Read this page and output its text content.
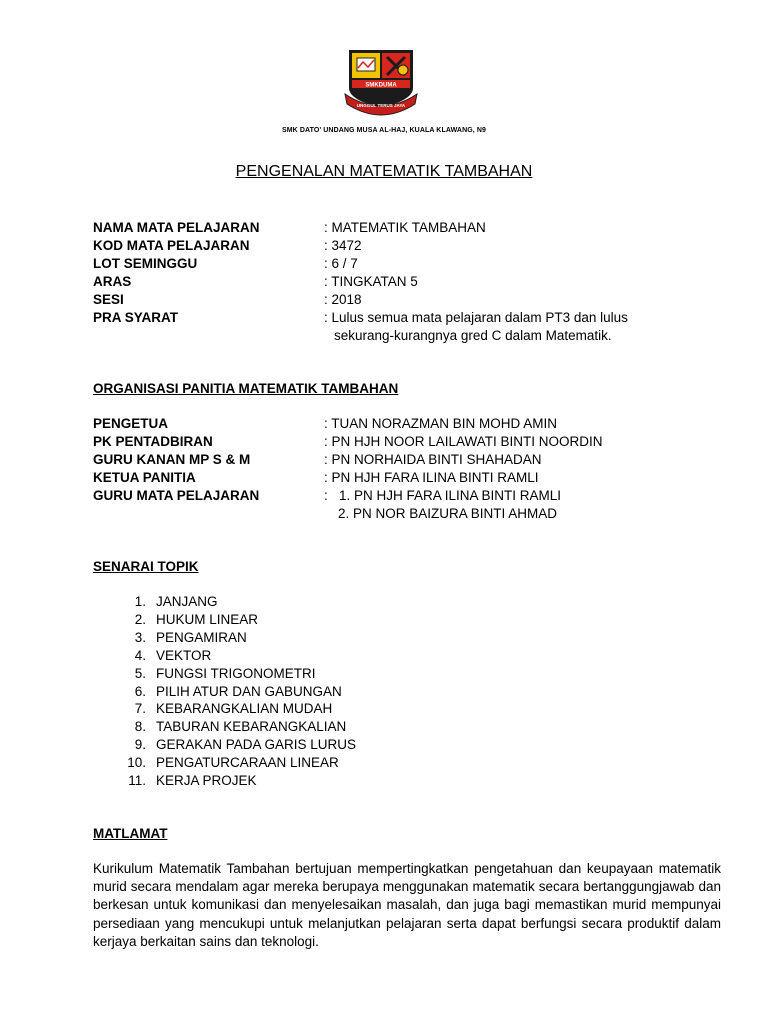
SMKDUMA
UNGGUL TERUS JAYA
SMK DATO' UNDANG MUSA AL-HAJ, KUALA KLAWANG, N9
PENGENALAN MATEMATIK TAMBAHAN
NAMA MATA PELAJARAN	: MATEMATIK TAMBAHAN
KOD MATA PELAJARAN	: 3472
LOT SEMINGGU	: 6 / 7
ARAS	: TINGKATAN 5
SESI	: 2018
PRA SYARAT	: Lulus semua mata pelajaran dalam PT3 dan lulus
sekurang-kurangnya gred C dalam Matematik.
ORGANISASI PANITIA MATEMATIK TAMBAHAN
PENGETUA	: TUAN NORAZMAN BIN MOHD AMIN
PK PENTADBIRAN	: PN HJH NOOR LAILAWATI BINTI NOORDIN
GURU KANAN MP S & M	: PN NORHAIDA BINTI SHAHADAN
KETUA PANITIA	: PN HJH FARA ILINA BINTI RAMLI
GURU MATA PELAJARAN	:   1. PN HJH FARA ILINA BINTI RAMLI
2. PN NOR BAIZURA BINTI AHMAD
SENARAI TOPIK
1. JANJANG
2. HUKUM LINEAR
3. PENGAMIRAN
4. VEKTOR
5. FUNGSI TRIGONOMETRI
6. PILIH ATUR DAN GABUNGAN
7. KEBARANGKALIAN MUDAH
8. TABURAN KEBARANGKALIAN
9. GERAKAN PADA GARIS LURUS
10. PENGATURCARAAN LINEAR
11. KERJA PROJEK
MATLAMAT
Kurikulum Matematik Tambahan bertujuan mempertingkatkan pengetahuan dan keupayaan matematik murid secara mendalam agar mereka berupaya menggunakan matematik secara bertanggungjawab dan berkesan untuk komunikasi dan menyelesaikan masalah, dan juga bagi memastikan murid mempunyai persediaan yang mencukupi untuk melanjutkan pelajaran serta dapat berfungsi secara produktif dalam kerjaya berkaitan sains dan teknologi.
